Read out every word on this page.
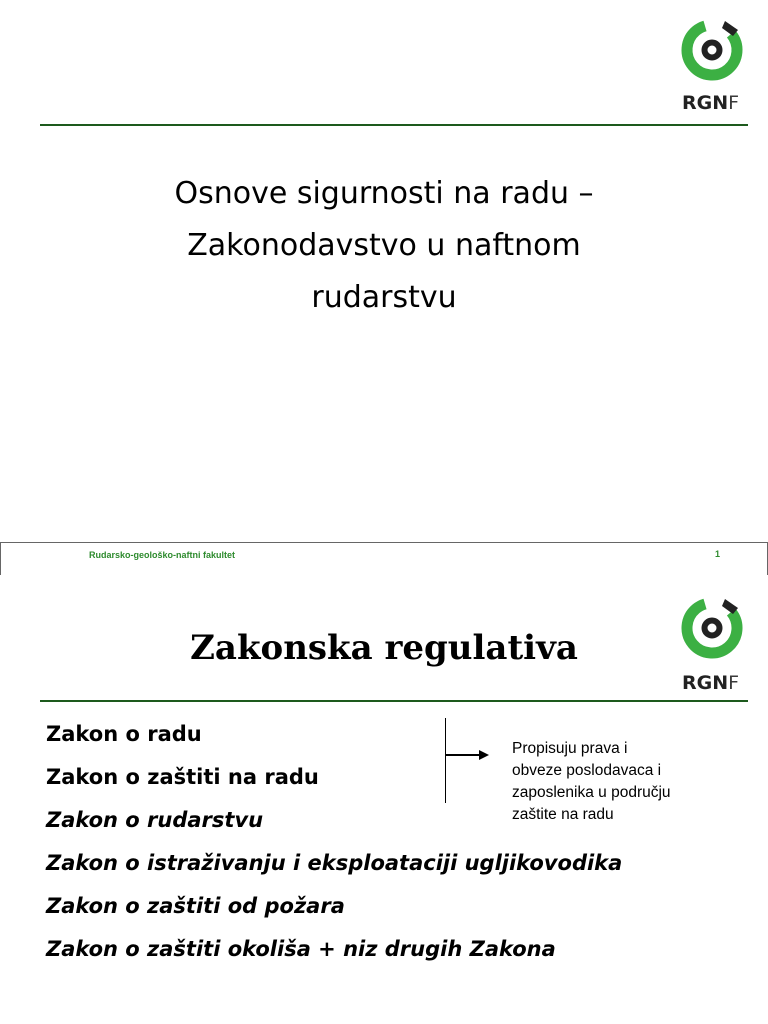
RGNF
Osnove sigurnosti na radu –
Zakonodavstvo u naftnom
rudarstvu
Rudarsko-geološko-naftni fakultet	1
RGNF
Zakonska regulativa
Zakon o radu
Zakon o zaštiti na radu
Zakon o rudarstvu
Zakon o istraživanju i eksploataciji ugljikovodika
Zakon o zaštiti od požara
Zakon o zaštiti okoliša + niz drugih Zakona
Propisuju prava i
obveze poslodavaca i
zaposlenika u području
zaštite na radu
